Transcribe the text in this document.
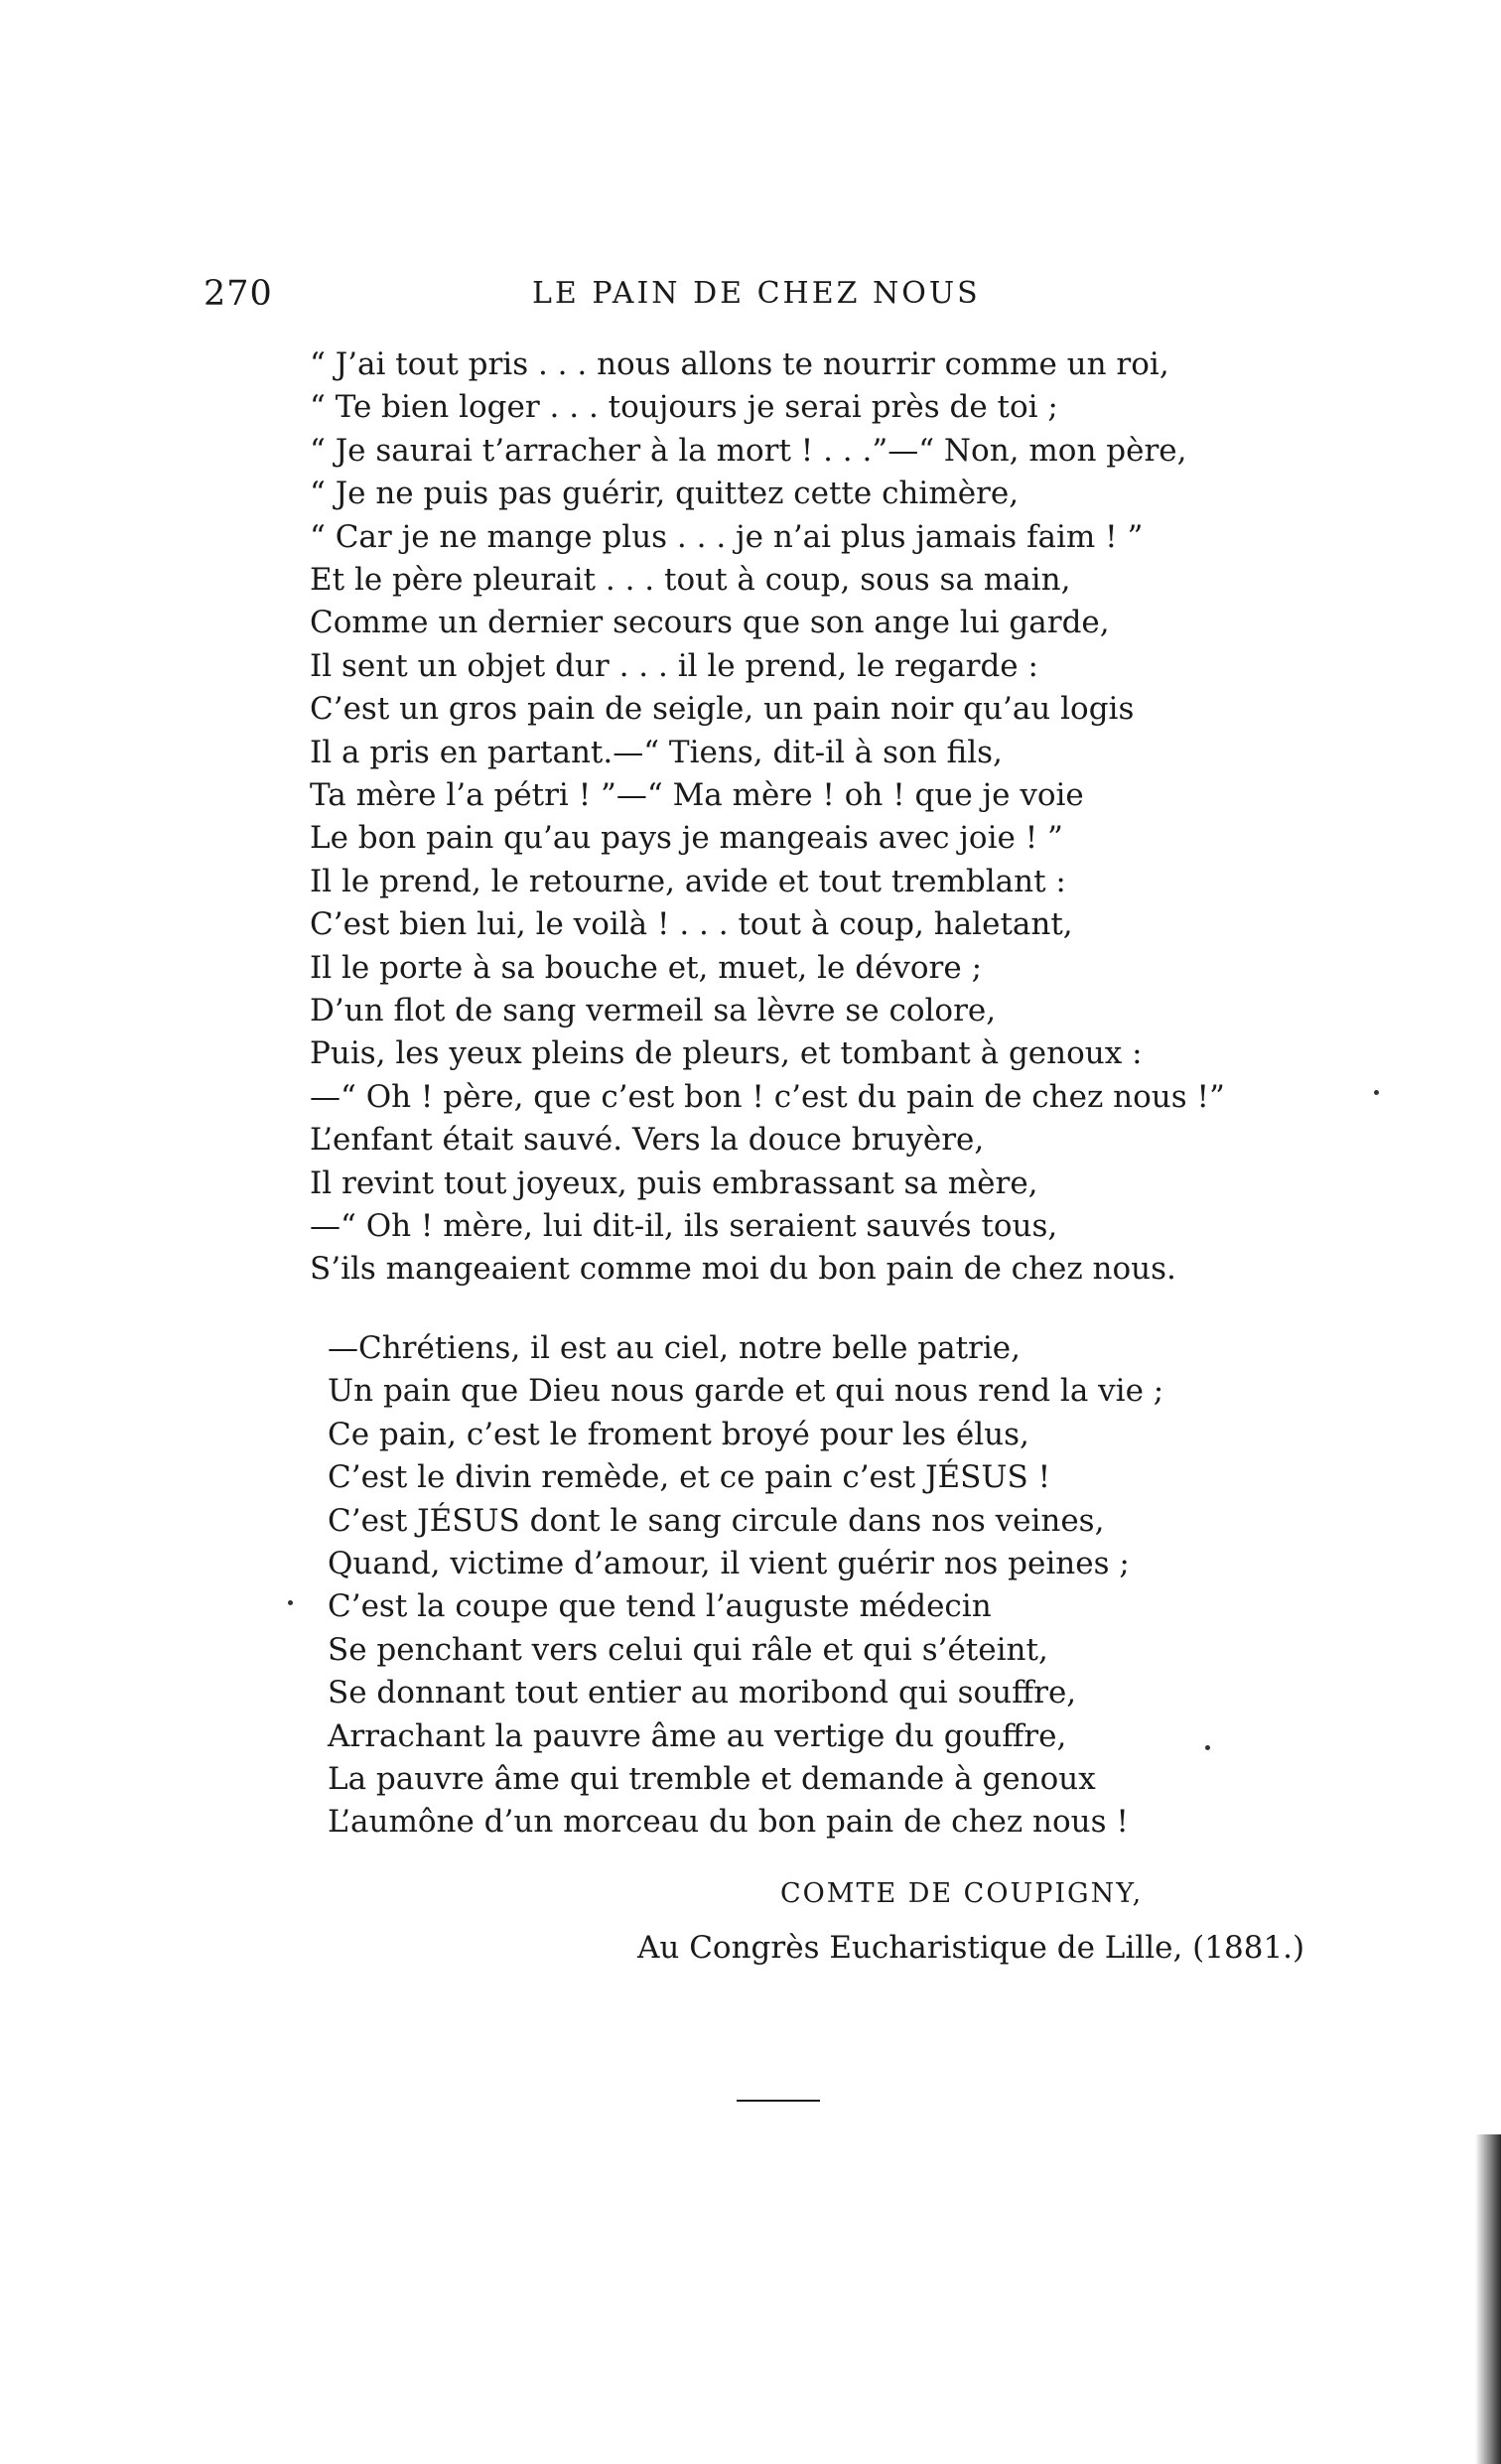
270	LE PAIN DE CHEZ NOUS
“ J’ai tout pris . . . nous allons te nourrir comme un roi,
“ Te bien loger . . . toujours je serai près de toi ;
“ Je saurai t’arracher à la mort ! . . .”—“ Non, mon père,
“ Je ne puis pas guérir, quittez cette chimère,
“ Car je ne mange plus . . . je n’ai plus jamais faim ! ”
Et le père pleurait . . . tout à coup, sous sa main,
Comme un dernier secours que son ange lui garde,
Il sent un objet dur . . . il le prend, le regarde :
C’est un gros pain de seigle, un pain noir qu’au logis
Il a pris en partant.—“ Tiens, dit-il à son fils,
Ta mère l’a pétri ! ”—“ Ma mère ! oh ! que je voie
Le bon pain qu’au pays je mangeais avec joie ! ”
Il le prend, le retourne, avide et tout tremblant :
C’est bien lui, le voilà ! . . . tout à coup, haletant,
Il le porte à sa bouche et, muet, le dévore ;
D’un flot de sang vermeil sa lèvre se colore,
Puis, les yeux pleins de pleurs, et tombant à genoux :
—“ Oh ! père, que c’est bon ! c’est du pain de chez nous !”
L’enfant était sauvé. Vers la douce bruyère,
Il revint tout joyeux, puis embrassant sa mère,
—“ Oh ! mère, lui dit-il, ils seraient sauvés tous,
S’ils mangeaient comme moi du bon pain de chez nous.
—Chrétiens, il est au ciel, notre belle patrie,
Un pain que Dieu nous garde et qui nous rend la vie ;
Ce pain, c’est le froment broyé pour les élus,
C’est le divin remède, et ce pain c’est JÉSUS !
C’est JÉSUS dont le sang circule dans nos veines,
Quand, victime d’amour, il vient guérir nos peines ;
C’est la coupe que tend l’auguste médecin
Se penchant vers celui qui râle et qui s’éteint,
Se donnant tout entier au moribond qui souffre,
Arrachant la pauvre âme au vertige du gouffre,
La pauvre âme qui tremble et demande à genoux
L’aumône d’un morceau du bon pain de chez nous !
COMTE DE COUPIGNY,
Au Congrès Eucharistique de Lille, (1881.)
